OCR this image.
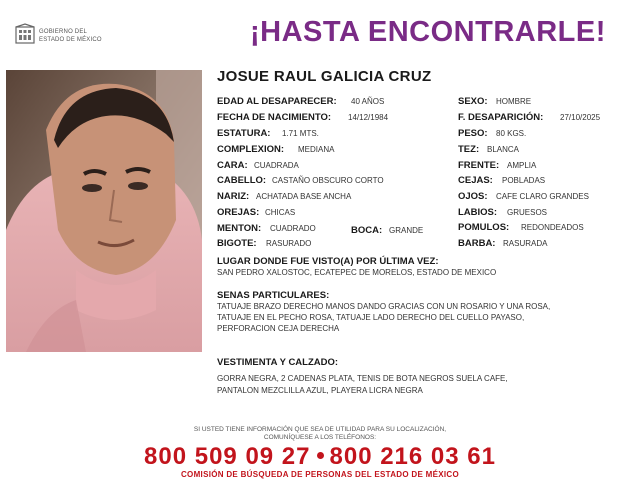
GOBIERNO DEL
ESTADO DE MÉXICO	¡HASTA ENCONTRARLE!
JOSUE RAUL GALICIA CRUZ
EDAD AL DESAPARECER: 40 AÑOS
FECHA DE NACIMIENTO: 14/12/1984
ESTATURA: 1.71 MTS.
COMPLEXION: MEDIANA
CARA: CUADRADA
CABELLO: CASTAÑO OBSCURO CORTO
NARIZ: ACHATADA BASE ANCHA
OREJAS: CHICAS
MENTON: CUADRADO	BOCA: GRANDE
BIGOTE: RASURADO
SEXO: HOMBRE
F. DESAPARICIÓN: 27/10/2025
PESO: 80 KGS.
TEZ: BLANCA
FRENTE: AMPLIA
CEJAS: POBLADAS
OJOS: CAFE CLARO GRANDES
LABIOS: GRUESOS
POMULOS: REDONDEADOS
BARBA: RASURADA
LUGAR DONDE FUE VISTO(A) POR ÚLTIMA VEZ:
SAN PEDRO XALOSTOC, ECATEPEC DE MORELOS, ESTADO DE MEXICO
SENAS PARTICULARES:
TATUAJE BRAZO DERECHO MANOS DANDO GRACIAS CON UN ROSARIO Y UNA ROSA,
TATUAJE EN EL PECHO ROSA, TATUAJE LADO DERECHO DEL CUELLO PAYASO,
PERFORACION CEJA DERECHA
VESTIMENTA Y CALZADO:
GORRA NEGRA, 2 CADENAS PLATA, TENIS DE BOTA NEGROS SUELA CAFE,
PANTALON MEZCLILLA AZUL, PLAYERA LICRA NEGRA
SI USTED TIENE INFORMACIÓN QUE SEA DE UTILIDAD PARA SU LOCALIZACIÓN,
COMUNÍQUESE A LOS TELÉFONOS:
800 509 09 27 800 216 03 61
COMISIÓN DE BÚSQUEDA DE PERSONAS DEL ESTADO DE MÉXICO
